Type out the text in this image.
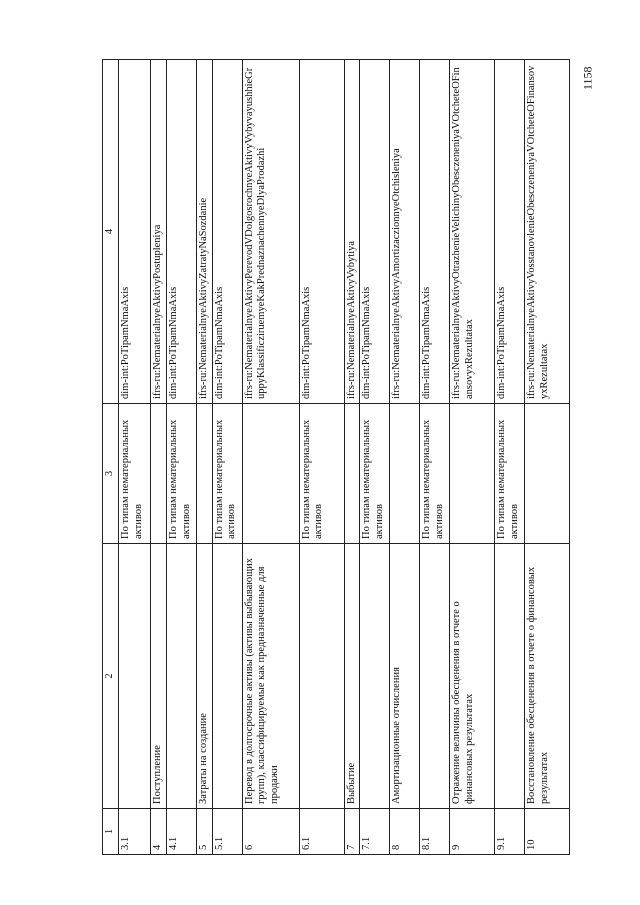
1158
1	2	3	4
3.1		По типам нематериальных активов	dim-int:PoTipamNmaAxis
4	Поступление		ifrs-ru:NematerialnyeAktivyPostupleniya
4.1		По типам нематериальных активов	dim-int:PoTipamNmaAxis
5	Затраты на создание		ifrs-ru:NematerialnyeAktivyZatratyNaSozdanie
5.1		По типам нематериальных активов	dim-int:PoTipamNmaAxis
6	Перевод в долгосрочные активы (активы выбывающих групп), классифицируемые как предназначенные для продажи		ifrs-ru:NematerialnyeAktivyPerevodVDolgosrochnyeAktivyVybyvayushhieGruppyKlassificziruemyeKakPrednaznachennyeDlyaProdazhi
6.1		По типам нематериальных активов	dim-int:PoTipamNmaAxis
7	Выбытие		ifrs-ru:NematerialnyeAktivyVybytiya
7.1		По типам нематериальных активов	dim-int:PoTipamNmaAxis
8	Амортизационные отчисления		ifrs-ru:NematerialnyeAktivyAmortizaczionnyeOtchisleniya
8.1		По типам нематериальных активов	dim-int:PoTipamNmaAxis
9	Отражение величины обесценения в отчете о финансовых результатах		ifrs-ru:NematerialnyeAktivyOtrazhenieVelichinyObesczeneniyaVOtcheteOFinansovyxRezultatax
9.1		По типам нематериальных активов	dim-int:PoTipamNmaAxis
10	Восстановление обесценения в отчете о финансовых результатах		ifrs-ru:NematerialnyeAktivyVosstanovlenieObesczeneniyaVOtcheteOFinansovyxRezultatax
